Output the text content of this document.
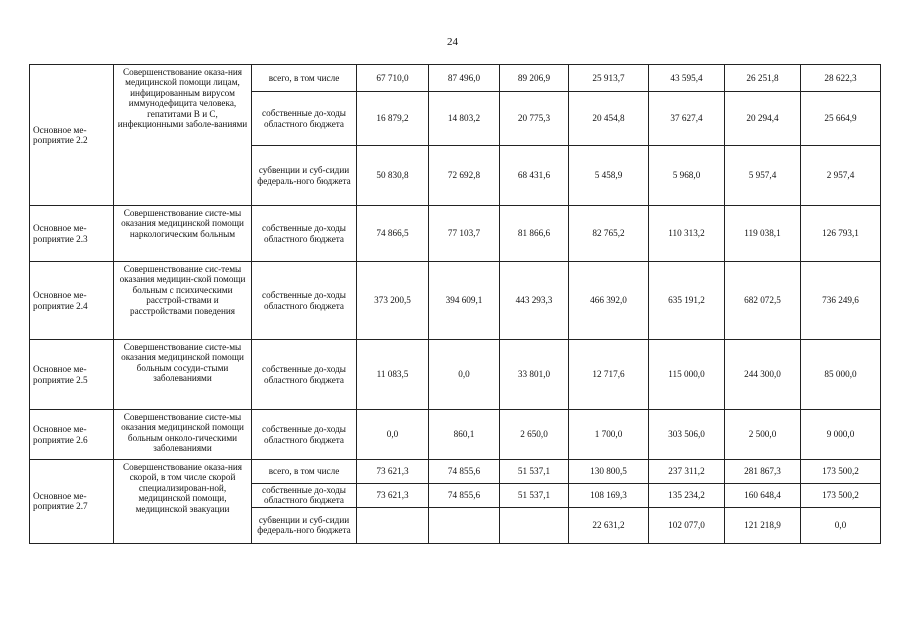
24
Основное ме-роприятие 2.2	Совершенствование оказа-ния медицинской помощи лицам, инфицированным вирусом иммунодефицита человека, гепатитами В и С, инфекционными заболе-ваниями	всего, в том числе	67 710,0	87 496,0	89 206,9	25 913,7	43 595,4	26 251,8	28 622,3
		собственные до-ходы областного бюджета	16 879,2	14 803,2	20 775,3	20 454,8	37 627,4	20 294,4	25 664,9
		субвенции и суб-сидии федераль-ного бюджета	50 830,8	72 692,8	68 431,6	5 458,9	5 968,0	5 957,4	2 957,4
Основное ме-роприятие 2.3	Совершенствование систе-мы оказания медицинской помощи наркологическим больным	собственные до-ходы областного бюджета	74 866,5	77 103,7	81 866,6	82 765,2	110 313,2	119 038,1	126 793,1
Основное ме-роприятие 2.4	Совершенствование сис-темы оказания медицин-ской помощи больным с психическими расстрой-ствами и расстройствами поведения	собственные до-ходы областного бюджета	373 200,5	394 609,1	443 293,3	466 392,0	635 191,2	682 072,5	736 249,6
Основное ме-роприятие 2.5	Совершенствование систе-мы оказания медицинской помощи больным сосуди-стыми заболеваниями	собственные до-ходы областного бюджета	11 083,5	0,0	33 801,0	12 717,6	115 000,0	244 300,0	85 000,0
Основное ме-роприятие 2.6	Совершенствование систе-мы оказания медицинской помощи больным онколо-гическими заболеваниями	собственные до-ходы областного бюджета	0,0	860,1	2 650,0	1 700,0	303 506,0	2 500,0	9 000,0
Основное ме-роприятие 2.7	Совершенствование оказа-ния скорой, в том числе скорой специализирован-ной, медицинской помощи, медицинской эвакуации	всего, в том числе	73 621,3	74 855,6	51 537,1	130 800,5	237 311,2	281 867,3	173 500,2
		собственные до-ходы областного бюджета	73 621,3	74 855,6	51 537,1	108 169,3	135 234,2	160 648,4	173 500,2
		субвенции и суб-сидии федераль-ного бюджета				22 631,2	102 077,0	121 218,9	0,0
